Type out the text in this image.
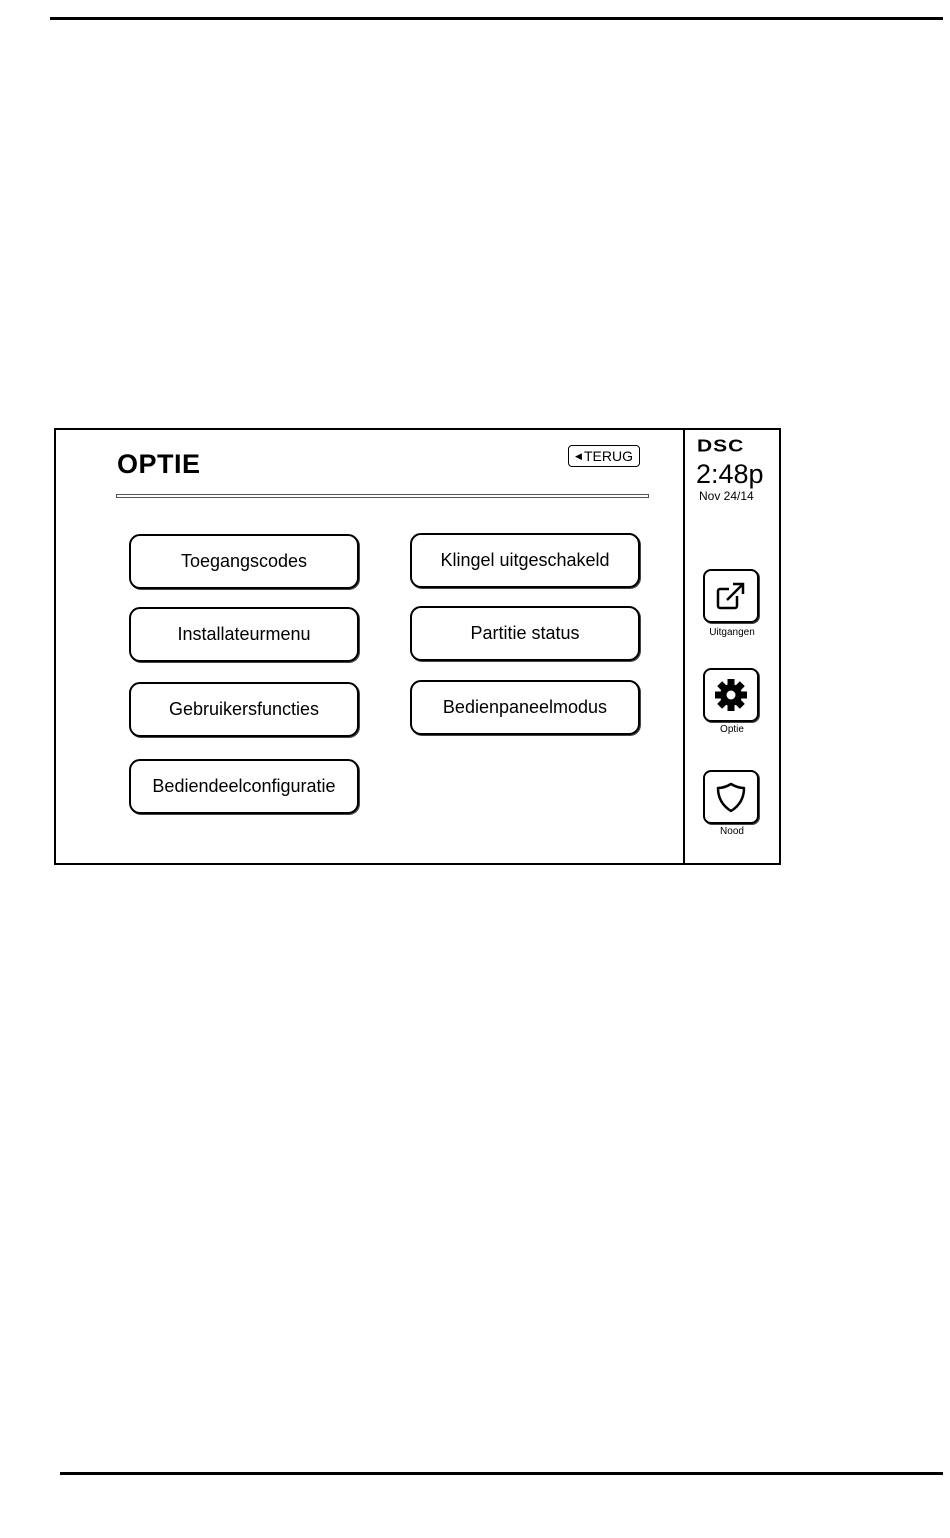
OPTIE	◀ TERUG
Toegangscodes
Installateurmenu
Gebruikersfuncties
Bediendeelconfiguratie
Klingel uitgeschakeld
Partitie status
Bedienpaneelmodus
DSC
2:48p
Nov 24/14
Uitgangen
Optie
Nood
